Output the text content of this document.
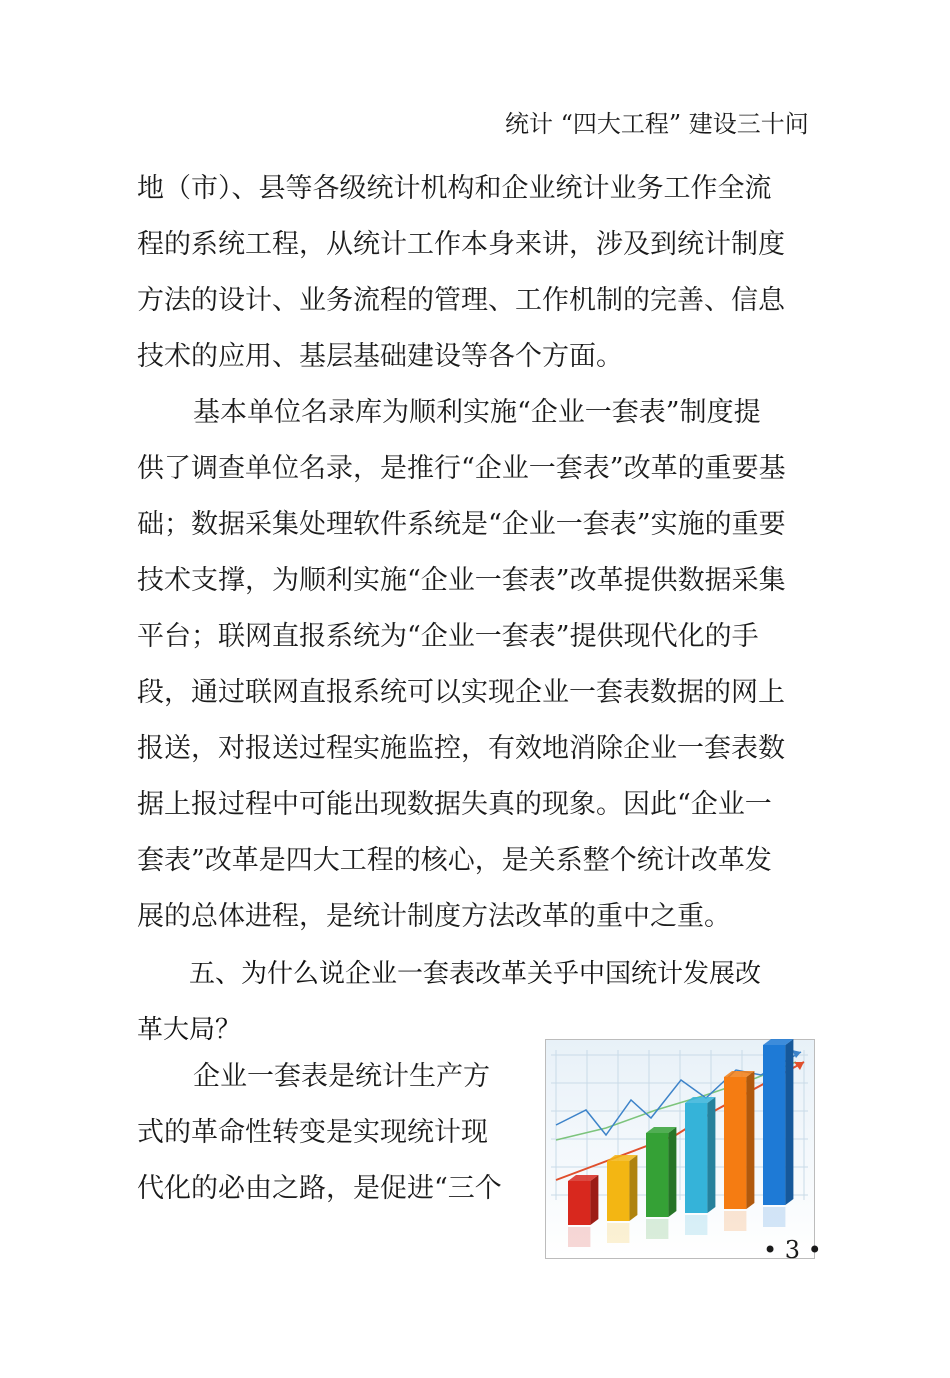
统计 “四大工程” 建设三十问
地（市）、县等各级统计机构和企业统计业务工作全流
程的系统工程，从统计工作本身来讲，涉及到统计制度
方法的设计、业务流程的管理、工作机制的完善、信息
技术的应用、基层基础建设等各个方面。
基本单位名录库为顺利实施“企业一套表”制度提
供了调查单位名录，是推行“企业一套表”改革的重要基
础；数据采集处理软件系统是“企业一套表”实施的重要
技术支撑，为顺利实施“企业一套表”改革提供数据采集
平台；联网直报系统为“企业一套表”提供现代化的手
段，通过联网直报系统可以实现企业一套表数据的网上
报送，对报送过程实施监控，有效地消除企业一套表数
据上报过程中可能出现数据失真的现象。因此“企业一
套表”改革是四大工程的核心，是关系整个统计改革发
展的总体进程，是统计制度方法改革的重中之重。
五、为什么说企业一套表改革关乎中国统计发展改
革大局？
企业一套表是统计生产方
式的革命性转变是实现统计现
代化的必由之路，是促进“三个
• 3 •
